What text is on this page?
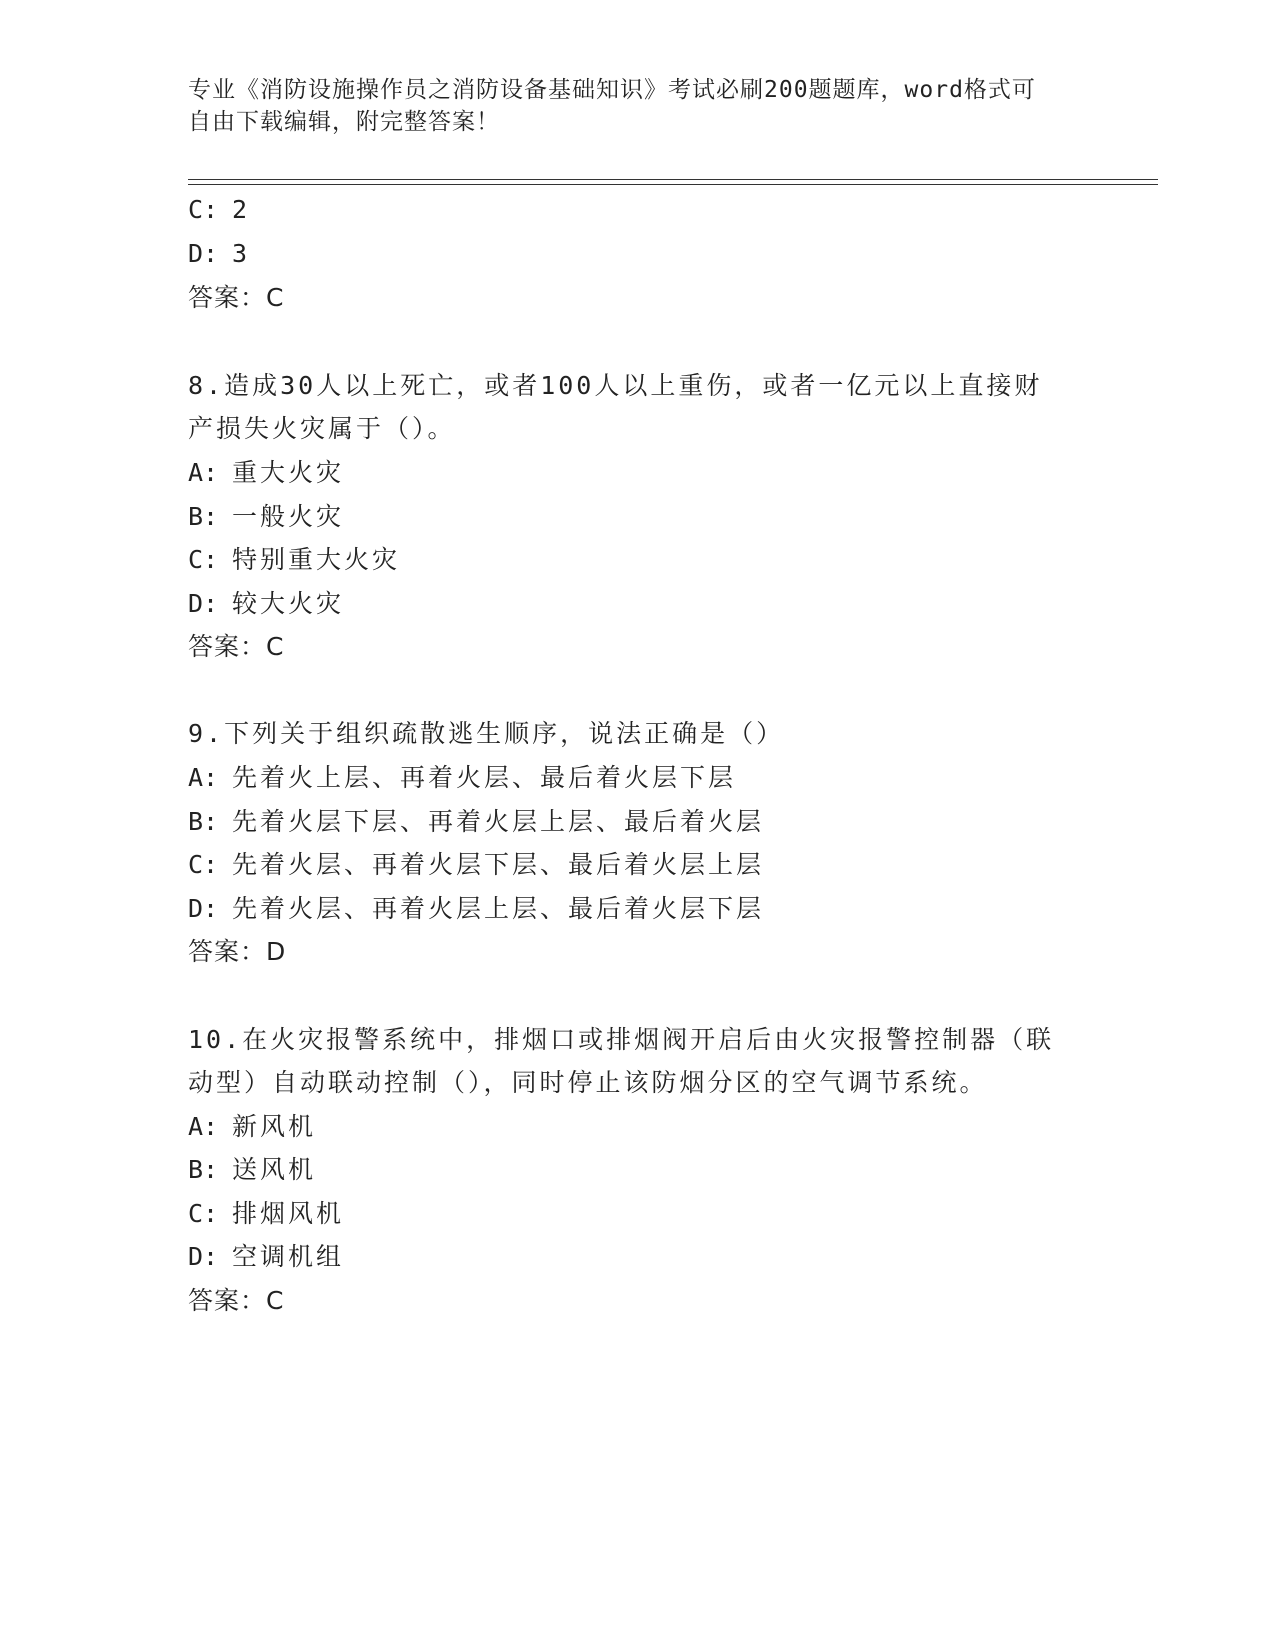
专业《消防设施操作员之消防设备基础知识》考试必刷200题题库，word格式可
自由下载编辑，附完整答案！
C: 2
D: 3
答案：C
8.造成30人以上死亡，或者100人以上重伤，或者一亿元以上直接财
产损失火灾属于（）。
A: 重大火灾
B: 一般火灾
C: 特别重大火灾
D: 较大火灾
答案：C
9.下列关于组织疏散逃生顺序，说法正确是（）
A: 先着火上层、再着火层、最后着火层下层
B: 先着火层下层、再着火层上层、最后着火层
C: 先着火层、再着火层下层、最后着火层上层
D: 先着火层、再着火层上层、最后着火层下层
答案：D
10.在火灾报警系统中，排烟口或排烟阀开启后由火灾报警控制器（联
动型）自动联动控制（），同时停止该防烟分区的空气调节系统。
A: 新风机
B: 送风机
C: 排烟风机
D: 空调机组
答案：C
